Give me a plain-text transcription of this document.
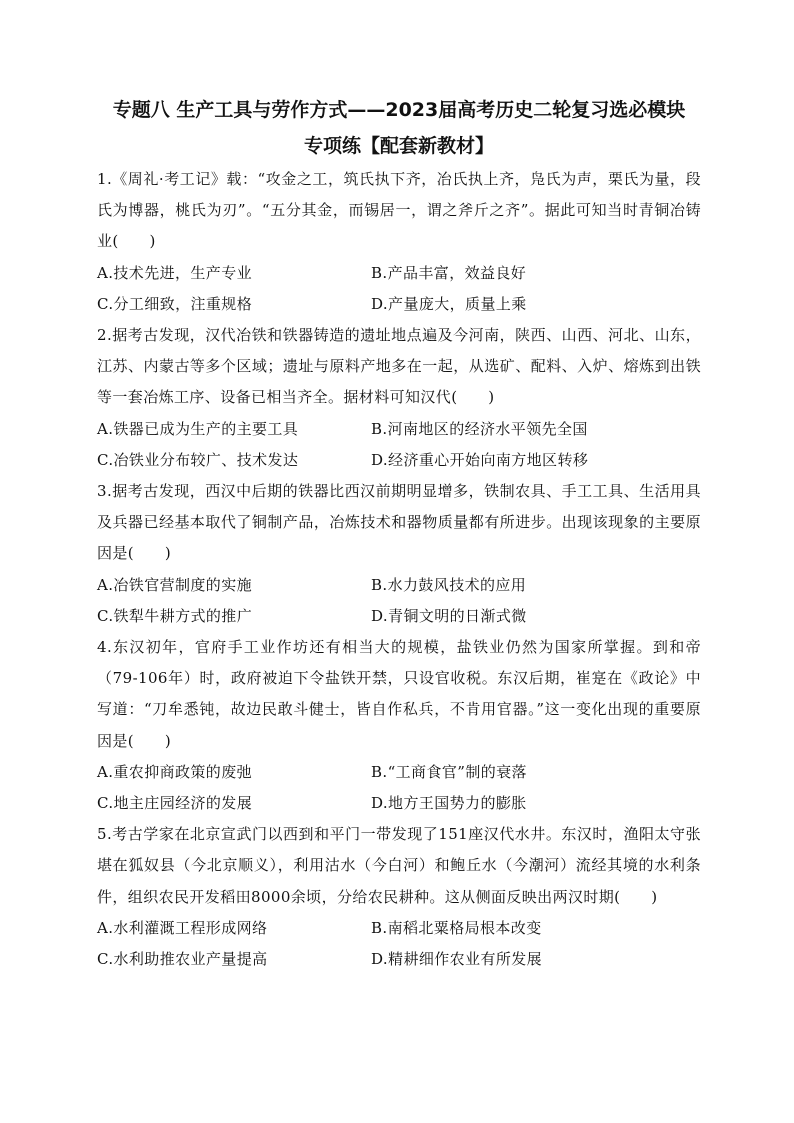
专题八 生产工具与劳作方式——2023届高考历史二轮复习选必模块

专项练【配套新教材】

1.《周礼·考工记》载：“攻金之工，筑氏执下齐，冶氏执上齐，凫氏为声，栗氏为量，段氏为博器，桃氏为刃”。“五分其金，而锡居一，谓之斧斤之齐”。据此可知当时青铜冶铸业(　　)

A.技术先进，生产专业	B.产品丰富，效益良好
C.分工细致，注重规格	D.产量庞大，质量上乘

2.据考古发现，汉代冶铁和铁器铸造的遗址地点遍及今河南，陕西、山西、河北、山东，江苏、内蒙古等多个区域；遗址与原料产地多在一起，从选矿、配料、入炉、熔炼到出铁等一套冶炼工序、设备已相当齐全。据材料可知汉代(　　)

A.铁器已成为生产的主要工具	B.河南地区的经济水平领先全国
C.冶铁业分布较广、技术发达	D.经济重心开始向南方地区转移

3.据考古发现，西汉中后期的铁器比西汉前期明显增多，铁制农具、手工工具、生活用具及兵器已经基本取代了铜制产品，冶炼技术和器物质量都有所进步。出现该现象的主要原因是(　　)

A.冶铁官营制度的实施	B.水力鼓风技术的应用
C.铁犁牛耕方式的推广	D.青铜文明的日渐式微

4.东汉初年，官府手工业作坊还有相当大的规模，盐铁业仍然为国家所掌握。到和帝（79-106年）时，政府被迫下令盐铁开禁，只设官收税。东汉后期，崔寔在《政论》中写道：“刀牟悉钝，故边民敢斗健士，皆自作私兵，不肯用官器。”这一变化出现的重要原因是(　　)

A.重农抑商政策的废弛	B.“工商食官”制的衰落
C.地主庄园经济的发展	D.地方王国势力的膨胀

5.考古学家在北京宣武门以西到和平门一带发现了151座汉代水井。东汉时，渔阳太守张堪在狐奴县（今北京顺义），利用沽水（今白河）和鲍丘水（今潮河）流经其境的水利条件，组织农民开发稻田8000余顷，分给农民耕种。这从侧面反映出两汉时期(　　)

A.水利灌溉工程形成网络	B.南稻北粟格局根本改变
C.水利助推农业产量提高	D.精耕细作农业有所发展
